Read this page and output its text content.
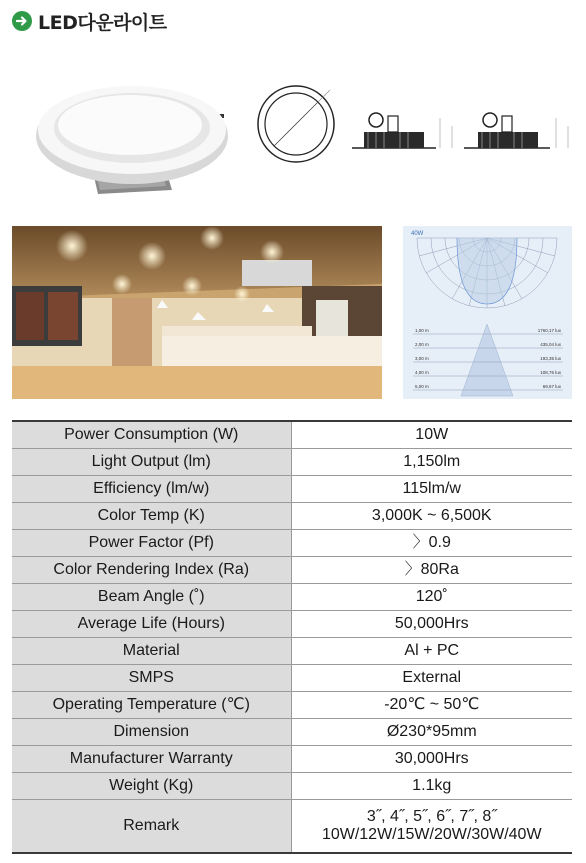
LED다운라이트
40W
1,00 m	1760,17 lux
2,00 m	435,04 lux
3,00 m	193,35 lux
4,00 m	108,76 lux
5,00 m	69,67 lux
Power Consumption (W)	10W
Light Output (lm)	1,150lm
Efficiency (lm/w)	115lm/w
Color Temp (K)	3,000K ~ 6,500K
Power Factor (Pf)	〉0.9
Color Rendering Index (Ra)	〉80Ra
Beam Angle (˚)	120˚
Average Life (Hours)	50,000Hrs
Material	Al + PC
SMPS	External
Operating Temperature (℃)	-20℃ ~ 50℃
Dimension	Ø230*95mm
Manufacturer Warranty	30,000Hrs
Weight (Kg)	1.1kg
Remark	3˝, 4˝, 5˝, 6˝, 7˝, 8˝
10W/12W/15W/20W/30W/40W
